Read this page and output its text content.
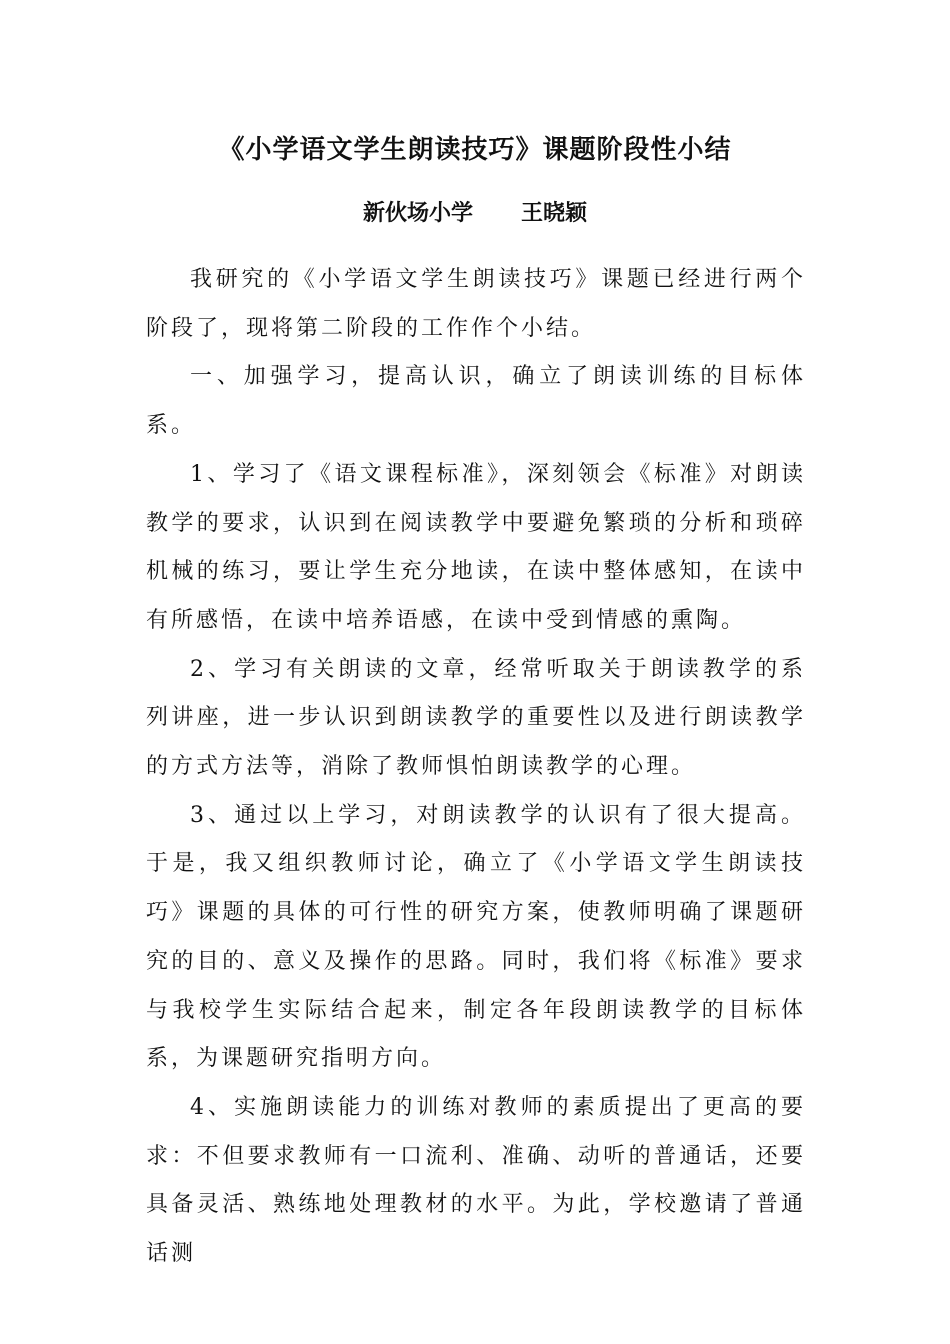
《小学语文学生朗读技巧》课题阶段性小结
新伙场小学 王晓颖

我研究的《小学语文学生朗读技巧》课题已经进行两个阶段了，现将第二阶段的工作作个小结。

一、加强学习，提高认识，确立了朗读训练的目标体系。

1、学习了《语文课程标准》，深刻领会《标准》对朗读教学的要求，认识到在阅读教学中要避免繁琐的分析和琐碎机械的练习，要让学生充分地读，在读中整体感知，在读中有所感悟，在读中培养语感，在读中受到情感的熏陶。

2、学习有关朗读的文章，经常听取关于朗读教学的系列讲座，进一步认识到朗读教学的重要性以及进行朗读教学的方式方法等，消除了教师惧怕朗读教学的心理。

3、通过以上学习，对朗读教学的认识有了很大提高。于是，我又组织教师讨论，确立了《小学语文学生朗读技巧》课题的具体的可行性的研究方案，使教师明确了课题研究的目的、意义及操作的思路。同时，我们将《标准》要求与我校学生实际结合起来，制定各年段朗读教学的目标体系，为课题研究指明方向。

4、实施朗读能力的训练对教师的素质提出了更高的要求：不但要求教师有一口流利、准确、动听的普通话，还要具备灵活、熟练地处理教材的水平。为此，学校邀请了普通话测
